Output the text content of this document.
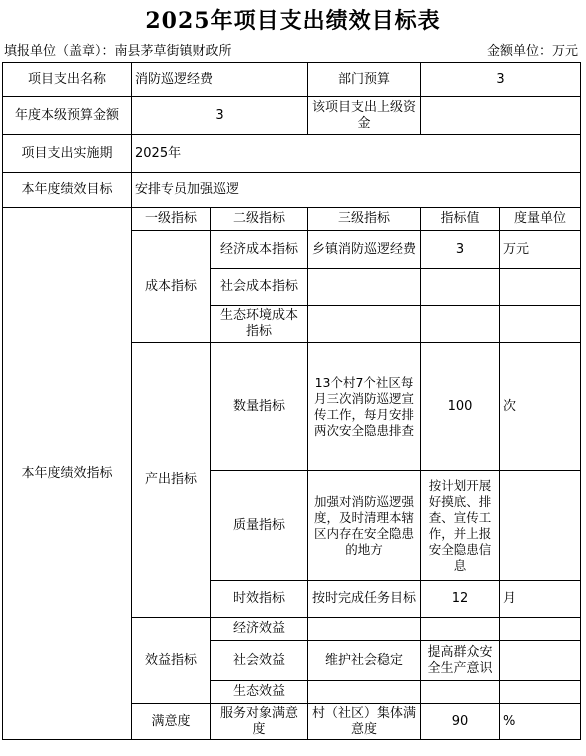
2025年项目支出绩效目标表
填报单位（盖章）：南县茅草街镇财政所	金额单位：万元
项目支出名称	消防巡逻经费		部门预算	3	
年度本级预算金额	3		该项目支出上级资金		
项目支出实施期	2025年				
本年度绩效目标	安排专员加强巡逻				
本年度绩效指标	一级指标	二级指标	三级指标	指标值	度量单位
	成本指标	经济成本指标	乡镇消防巡逻经费	3	万元
		社会成本指标			
		生态环境成本指标			
	产出指标	数量指标	13个村7个社区每月三次消防巡逻宣传工作，每月安排两次安全隐患排查	100	次
		质量指标	加强对消防巡逻强度，及时清理本辖区内存在安全隐患的地方	按计划开展好摸底、排查、宣传工作，并上报安全隐患信息	
		时效指标	按时完成任务目标	12	月
	效益指标	经济效益			
		社会效益	维护社会稳定	提高群众安全生产意识	
		生态效益			
	满意度	服务对象满意度	村（社区）集体满意度	90	%
